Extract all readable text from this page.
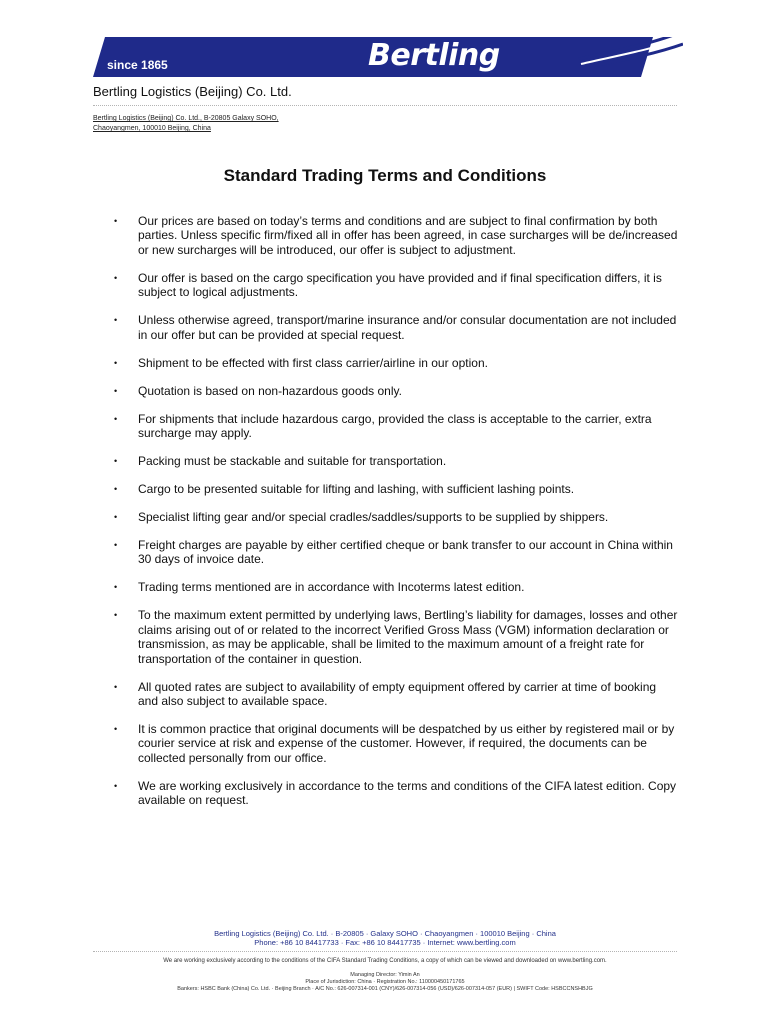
since 1865	Bertling
Bertling Logistics (Beijing) Co. Ltd.
Bertling Logistics (Beijing) Co. Ltd., B-20805 Galaxy SOHO,
Chaoyangmen, 100010 Beijing, China
Standard Trading Terms and Conditions
• Our prices are based on today’s terms and conditions and are subject to final confirmation by both parties. Unless specific firm/fixed all in offer has been agreed, in case surcharges will be de/increased or new surcharges will be introduced, our offer is subject to adjustment.
• Our offer is based on the cargo specification you have provided and if final specification differs, it is subject to logical adjustments.
• Unless otherwise agreed, transport/marine insurance and/or consular documentation are not included in our offer but can be provided at special request.
• Shipment to be effected with first class carrier/airline in our option.
• Quotation is based on non-hazardous goods only.
• For shipments that include hazardous cargo, provided the class is acceptable to the carrier, extra surcharge may apply.
• Packing must be stackable and suitable for transportation.
• Cargo to be presented suitable for lifting and lashing, with sufficient lashing points.
• Specialist lifting gear and/or special cradles/saddles/supports to be supplied by shippers.
• Freight charges are payable by either certified cheque or bank transfer to our account in China within 30 days of invoice date.
• Trading terms mentioned are in accordance with Incoterms latest edition.
• To the maximum extent permitted by underlying laws, Bertling’s liability for damages, losses and other claims arising out of or related to the incorrect Verified Gross Mass (VGM) information declaration or transmission, as may be applicable, shall be limited to the maximum amount of a freight rate for transportation of the container in question.
• All quoted rates are subject to availability of empty equipment offered by carrier at time of booking and also subject to available space.
• It is common practice that original documents will be despatched by us either by registered mail or by courier service at risk and expense of the customer. However, if required, the documents can be collected personally from our office.
• We are working exclusively in accordance to the terms and conditions of the CIFA latest edition. Copy available on request.
Bertling Logistics (Beijing) Co. Ltd. · B-20805 · Galaxy SOHO · Chaoyangmen · 100010 Beijing · China
Phone: +86 10 84417733 · Fax: +86 10 84417735 · Internet: www.bertling.com
We are working exclusively according to the conditions of the CIFA Standard Trading Conditions, a copy of which can be viewed and downloaded on www.bertling.com.
Managing Director: Yimin An
Place of Jurisdiction: China · Registration No.: 110000450171765
Bankers: HSBC Bank (China) Co. Ltd. · Beijing Branch · A/C No.: 626-007314-001 (CNY)/626-007314-056 (USD)/626-007314-057 (EUR) | SWIFT Code: HSBCCNSHBJG
